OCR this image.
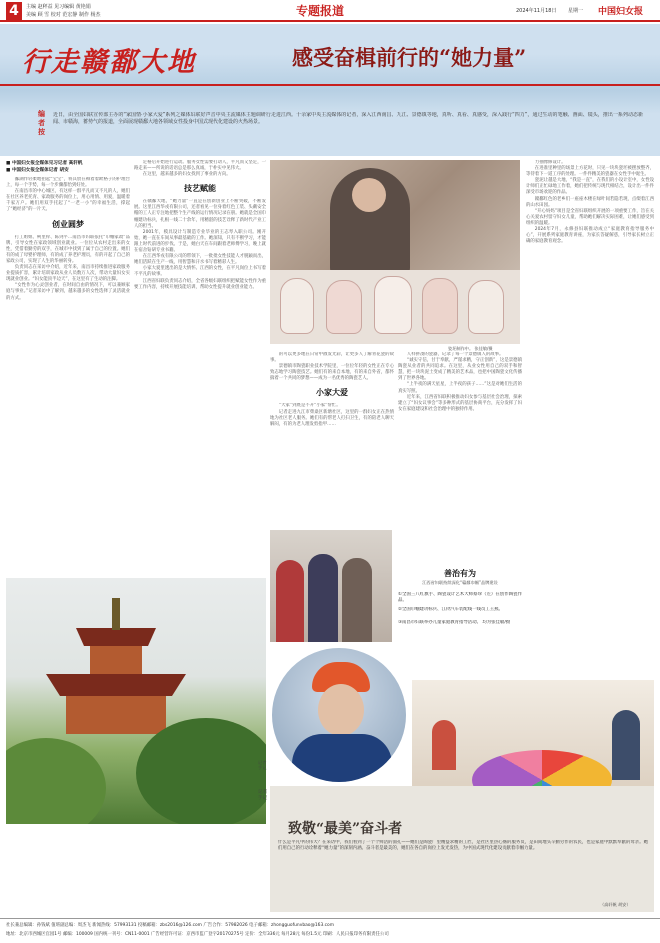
4	主编 赵秤益 见习编辑 黄艳娟
美编 顾 雪 校对 范宏静 制作 杨杰	专题报道	2024年11月18日 星期一 中国妇女报
行走赣鄱大地	感受奋楫前行的“她力量”
编者按
近日，由全国妇联宣传部主办的“家国情·小家大爱”系列之媒体妇联好声音中央主流媒体主题调研行走进江西。十余家中央主流媒体的记者，深入江西南昌、九江、景德镇等地，真听、真看、真感受，深入践行“四力”，通过生动的笔触、画面、镜头，推出一系列动态新闻、市赣海，蓄势气的报道，全面展现赣鄱大地各领域女性投身中国式现代化建设的火热场景。
■ 中国妇女报全媒体见习记者 高轩帆
■ 中国妇女报全媒体记者 胡安

鄱湖作轻柔地拍起“宝宝”，将其放在褥着着欧格子的护理台上，每一个手势，每一个步骤都恰到好处。

在南昌市的中心城区，有这样一群平凡而又不凡的人，她们在社区养老托育、家政服务的岗位上，用心用情、用爱，温暖着千家万户。她们用双手托起了“一老一小”的幸福生活，撑起了“她经济”的一片天。

创业圆梦

打工姐姐、柯里梓、陈剑平...南昌市妇联依托“巾帼家政”品牌，引导女性在家政领域创业就业。一位位从农村走出来的女性，凭借着勤劳的双手，在城市中找到了属于自己的位置。她们有的成了母婴护理师，有的成了养老护理员，有的开起了自己的家政公司，实现了人生的华丽转身。

负责同志在采访中介绍，近年来，南昌市持续推进家政服务业提质扩容，累计培训家政从业人员数万人次，带动大量妇女实现就业创业。“妇女能顶半边天”，在这里有了生动的注脚。

“女性作为心灵创业者，在时间自由的情况下，可以兼顾家庭与事业。”记者采访中了解到，越来越多的女性选择了灵活就业的方式。

定格后开始进行运动。服务女性需要打动人，平凡而又坚定，一路走来——所说的话语总是那么真诚，于朴实中见伟大。

在这里，越来越多的妇女找到了事业的方向。

技艺赋能

在赣鄱大地，“她力量”一直是在创新创业上不断突破，不断发展。这里江西华戎有限公司，还者看见一位身着红色工装、头戴安全帽的工人正专注地把整个生产线的运行情况记录在册。她就是全国巾帼建功标兵，扎根一线二十余年，用精湛的技艺诠释了新时代产业工人的担当。

2001年，模具设计与制造专业毕业的王志琴入职公司。刚开始，她一直在车间从事最基础的工作。她深知，只有不断学习，才能跟上时代前进的步伐。于是，她白天在车间跟着老师傅学习，晚上就在宿舍钻研专业书籍。

在江西华戎有限公司的带领下，一批批女性技能人才脱颖而出，她们活跃在生产一线，用智慧和汗水书写着精彩人生。

小家大爱里透出的是大情怀。江西的女性，在平凡岗位上书写着不平凡的故事。

江西省妇联负责同志介绍，全省各级妇联组织把赋能女性作为重要工作内容，持续开展技能培训，帮助女性提升就业创业能力。

瓷坯制作中。 张佳敏/摄

的可以更多地在日常中散发光彩，让更多人了解青花瓷的故事。

景德镇市陶瓷职业技术学院里，一位位年轻的女性正在专心致志地学习陶瓷技艺。她们有的来自本地，有的来自外省，都怀揣着一个共同的梦想——成为一名优秀的陶瓷艺人。

小家大爱

“大家”到底是不开“小家”帮忙。

记者走进九江市柴桑区新塘社区，这里的一群妇女正在热情地为社区老人服务。她们有的帮老人打扫卫生，有的陪老人聊天解闷，有的为老人理发剪指甲……

人样拼凑的瓷器，记录了每一个景德镇人的故事。

“诚实守信，甘于奉献，严谨求精，守正创新”，这是景德镇陶瓷从业者的共同追求。在这里，从业女性用自己的双手和智慧，把一块块泥土变成了精美的艺术品，也把中国陶瓷文化传播到了世界各地。

“上半夜的满天星星，上半夜的孩子……”这是对她们生活的真实写照。

近年来，江西省妇联积极推动妇女参与基层社会治理，探索建立了“妇女议事会”等多种形式的基层协商平台，充分发挥了妇女在家庭建设和社会治理中的独特作用。

力抽像修设计。

在进准里种里的场景上方花时，只见一块块瓷坯被摆放整齐，等待着下一道工序的处理。一件件精美的瓷器在女性手中诞生。

瓷泥让越是大地，“我是一直”，在我们的小设计室中，女性设计师们正忙碌地工作着，她们把传统与现代相结合，设计出一件件深受市场欢迎的作品。

赣鄱红色的老乡们一座座木楼在绿叶间若隐若现，点缀着江西的山水田园。

“开心妈妈”项目是全省妇联组织开展的一项重要工作，旨在关心关爱农村留守妇女儿童，帮助她们解决实际困难，让她们感受到组织的温暖。

2024年7月，永修县妇联推动成立“家庭教育指导服务中心”，开展系列家庭教育讲座，为家长答疑解惑，引导家长树立正确的家庭教育观念。

①全国三八红旗手、陶瓷设计艺术大师蔡珍（左）在创作陶瓷作品。
②全国巾帼建功标兵、江铃汽车装配线一线员工王燕。
③南昌市妇联举办儿童家庭教育指导活动。 均为张佳敏/摄
善治有为
江西省妇联持续深化“赣鄱巾帼”品牌建设
记者手记
致敬“最美”奋斗者
记者手记
什么是平凡中的伟大？在采访中，我们看到了一个个鲜活的面孔——她们是陶瓷厂里精益求精的工匠，是社区里热心肠的服务员，是田间地头辛勤劳作的农民，也是家庭中默默奉献的母亲。她们用自己的行动诠释着“她力量”的深刻内涵。奋斗者是最美的，她们在各自的岗位上发光发热，为中国式现代化建设贡献着巾帼力量。
（高轩帆 胡安）
社长兼总编辑：孙钱斌 值班副总编：周杰飞 新闻热线：57993131 投稿邮箱：zbs2016@126.com 广告合作：57982026 电子邮箱：zhongguofunvbao@163.com
地址：北京市西城区官园1号 邮编：100009 国内统一刊号：CN11-0001 广告经营许可证：京西市监广登字20170275号 定价：全年336元 每月28元 每份1.5元 印刷：人民日报印务有限责任公司
